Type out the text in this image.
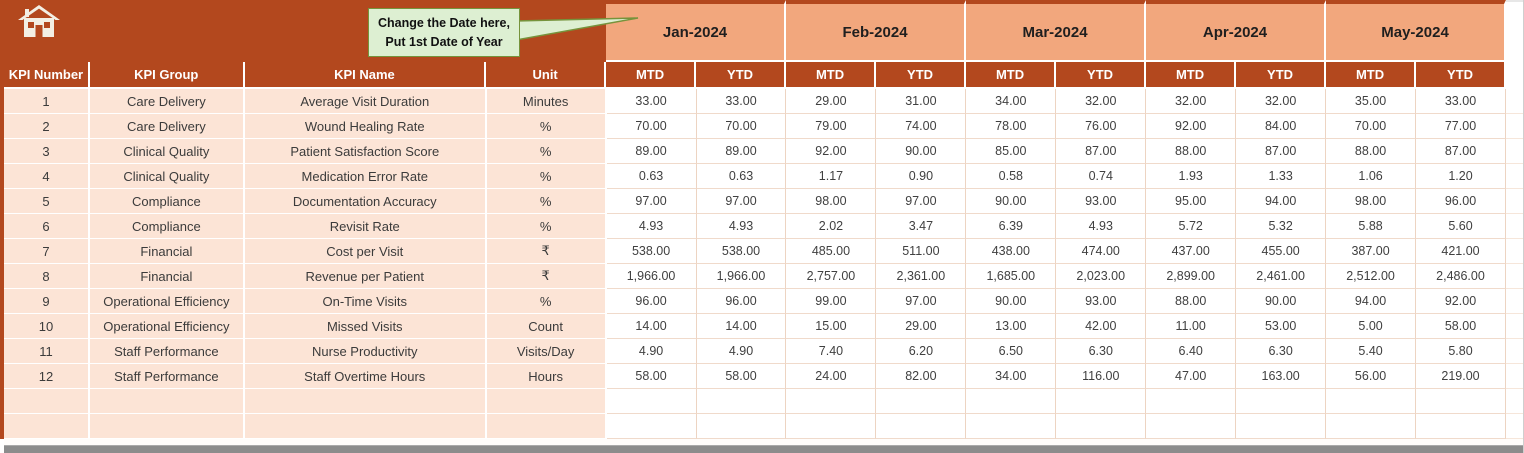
Jan-2024	Feb-2024	Mar-2024	Apr-2024	May-2024
Change the Date here,
Put 1st Date of Year
KPI Number	KPI Group	KPI Name	Unit	MTD	YTD	MTD	YTD	MTD	YTD	MTD	YTD	MTD	YTD
1	Care Delivery	Average Visit Duration	Minutes	33.00	33.00	29.00	31.00	34.00	32.00	32.00	32.00	35.00	33.00
2	Care Delivery	Wound Healing Rate	%	70.00	70.00	79.00	74.00	78.00	76.00	92.00	84.00	70.00	77.00
3	Clinical Quality	Patient Satisfaction Score	%	89.00	89.00	92.00	90.00	85.00	87.00	88.00	87.00	88.00	87.00
4	Clinical Quality	Medication Error Rate	%	0.63	0.63	1.17	0.90	0.58	0.74	1.93	1.33	1.06	1.20
5	Compliance	Documentation Accuracy	%	97.00	97.00	98.00	97.00	90.00	93.00	95.00	94.00	98.00	96.00
6	Compliance	Revisit Rate	%	4.93	4.93	2.02	3.47	6.39	4.93	5.72	5.32	5.88	5.60
7	Financial	Cost per Visit	₹	538.00	538.00	485.00	511.00	438.00	474.00	437.00	455.00	387.00	421.00
8	Financial	Revenue per Patient	₹	1,966.00	1,966.00	2,757.00	2,361.00	1,685.00	2,023.00	2,899.00	2,461.00	2,512.00	2,486.00
9	Operational Efficiency	On-Time Visits	%	96.00	96.00	99.00	97.00	90.00	93.00	88.00	90.00	94.00	92.00
10	Operational Efficiency	Missed Visits	Count	14.00	14.00	15.00	29.00	13.00	42.00	11.00	53.00	5.00	58.00
11	Staff Performance	Nurse Productivity	Visits/Day	4.90	4.90	7.40	6.20	6.50	6.30	6.40	6.30	5.40	5.80
12	Staff Performance	Staff Overtime Hours	Hours	58.00	58.00	24.00	82.00	34.00	116.00	47.00	163.00	56.00	219.00
